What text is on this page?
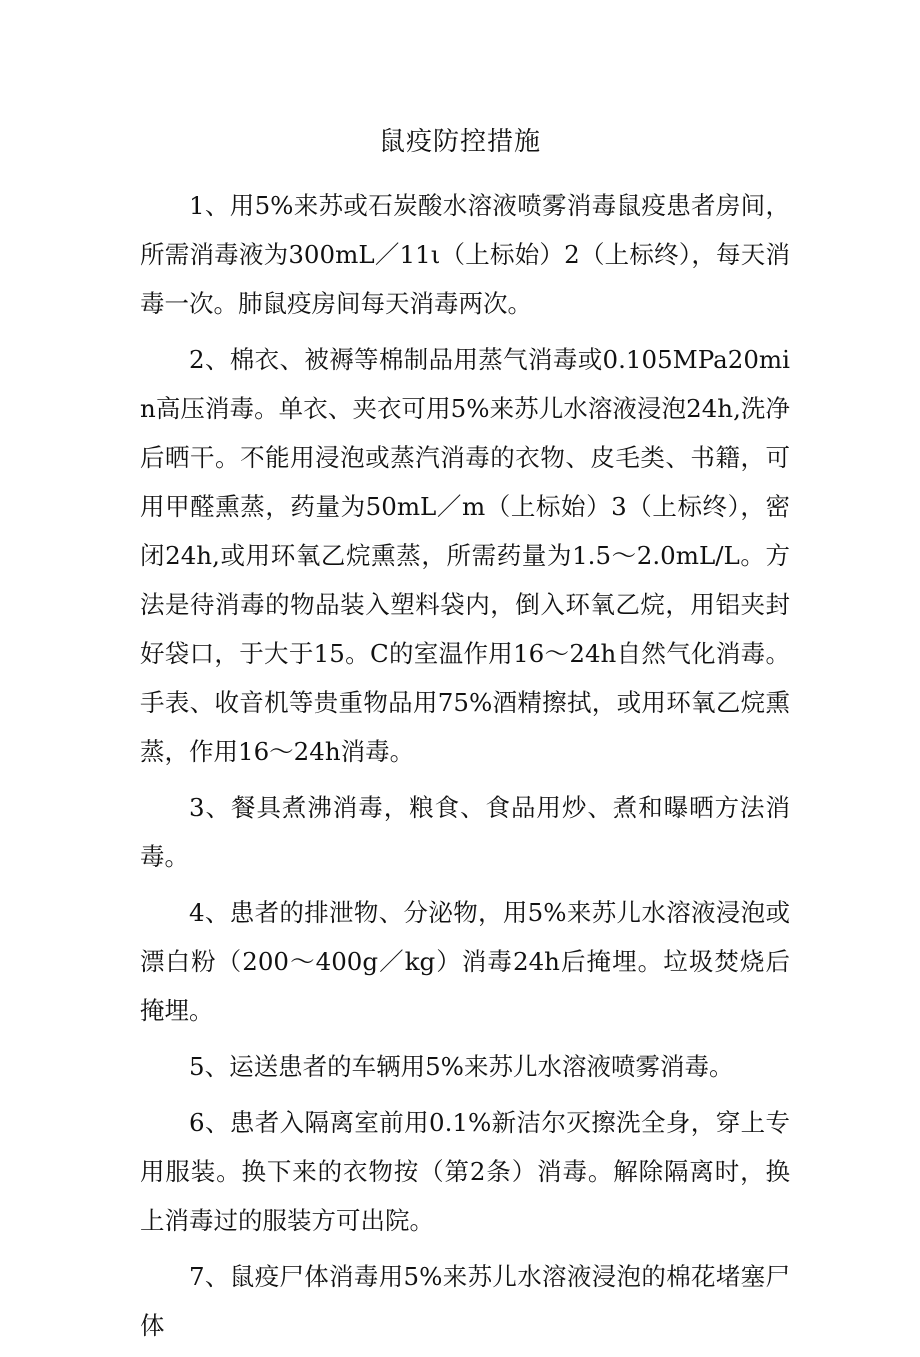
鼠疫防控措施

1、用5%来苏或石炭酸水溶液喷雾消毒鼠疫患者房间，所需消毒液为300mL／11ι（上标始）2（上标终），每天消毒一次。肺鼠疫房间每天消毒两次。

2、棉衣、被褥等棉制品用蒸气消毒或0.105MPa20min高压消毒。单衣、夹衣可用5%来苏儿水溶液浸泡24h,洗净后晒干。不能用浸泡或蒸汽消毒的衣物、皮毛类、书籍，可用甲醛熏蒸，药量为50mL／m（上标始）3（上标终），密闭24h,或用环氧乙烷熏蒸，所需药量为1.5～2.0mL/L。方法是待消毒的物品装入塑料袋内，倒入环氧乙烷，用铝夹封好袋口，于大于15。C的室温作用16～24h自然气化消毒。手表、收音机等贵重物品用75%酒精擦拭，或用环氧乙烷熏蒸，作用16～24h消毒。

3、餐具煮沸消毒，粮食、食品用炒、煮和曝晒方法消毒。

4、患者的排泄物、分泌物，用5%来苏儿水溶液浸泡或漂白粉（200～400g／kg）消毒24h后掩埋。垃圾焚烧后掩埋。

5、运送患者的车辆用5%来苏儿水溶液喷雾消毒。

6、患者入隔离室前用0.1%新洁尔灭擦洗全身，穿上专用服装。换下来的衣物按（第2条）消毒。解除隔离时，换上消毒过的服装方可出院。

7、鼠疫尸体消毒用5%来苏儿水溶液浸泡的棉花堵塞尸体
